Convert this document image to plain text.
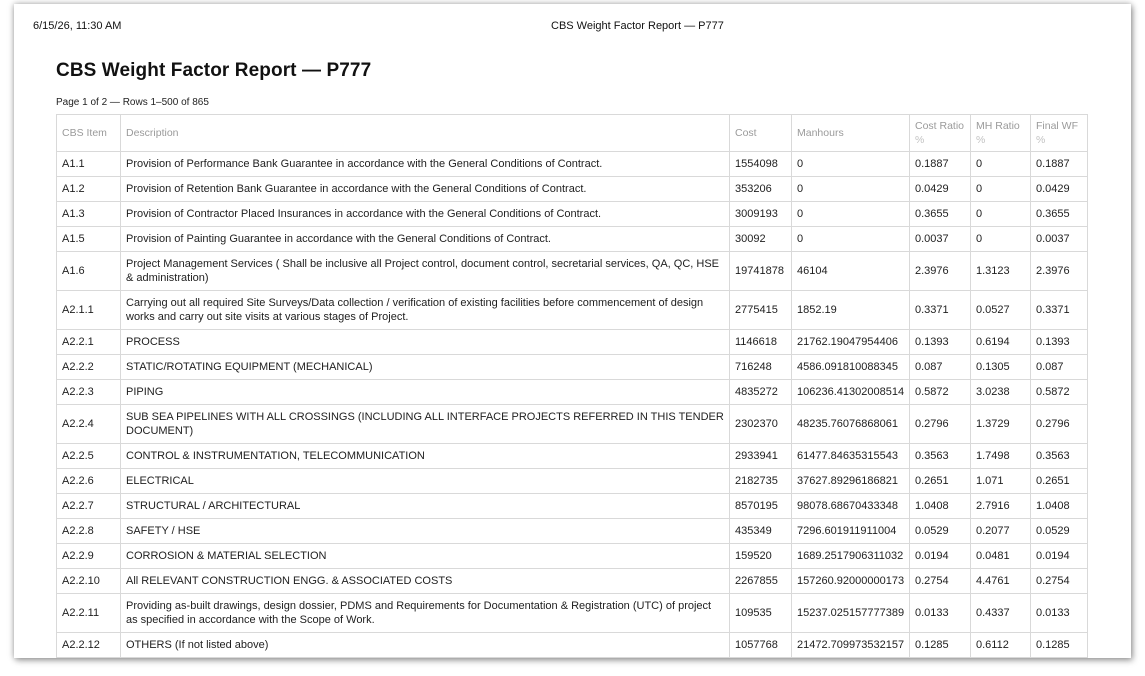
6/15/26, 11:30 AM	CBS Weight Factor Report — P777
CBS Weight Factor Report — P777
Page 1 of 2 — Rows 1–500 of 865
CBS Item	Description	Cost	Manhours	Cost Ratio %	MH Ratio %	Final WF %
A1.1	Provision of Performance Bank Guarantee in accordance with the General Conditions of Contract.	1554098	0	0.1887	0	0.1887
A1.2	Provision of Retention Bank Guarantee in accordance with the General Conditions of Contract.	353206	0	0.0429	0	0.0429
A1.3	Provision of Contractor Placed Insurances in accordance with the General Conditions of Contract.	3009193	0	0.3655	0	0.3655
A1.5	Provision of Painting Guarantee in accordance with the General Conditions of Contract.	30092	0	0.0037	0	0.0037
A1.6	Project Management Services ( Shall be inclusive all Project control, document control, secretarial services, QA, QC, HSE & administration)	19741878	46104	2.3976	1.3123	2.3976
A2.1.1	Carrying out all required Site Surveys/Data collection / verification of existing facilities before commencement of design works and carry out site visits at various stages of Project.	2775415	1852.19	0.3371	0.0527	0.3371
A2.2.1	PROCESS	1146618	21762.19047954406	0.1393	0.6194	0.1393
A2.2.2	STATIC/ROTATING EQUIPMENT (MECHANICAL)	716248	4586.091810088345	0.087	0.1305	0.087
A2.2.3	PIPING	4835272	106236.41302008514	0.5872	3.0238	0.5872
A2.2.4	SUB SEA PIPELINES WITH ALL CROSSINGS (INCLUDING ALL INTERFACE PROJECTS REFERRED IN THIS TENDER DOCUMENT)	2302370	48235.76076868061	0.2796	1.3729	0.2796
A2.2.5	CONTROL & INSTRUMENTATION, TELECOMMUNICATION	2933941	61477.84635315543	0.3563	1.7498	0.3563
A2.2.6	ELECTRICAL	2182735	37627.89296186821	0.2651	1.071	0.2651
A2.2.7	STRUCTURAL / ARCHITECTURAL	8570195	98078.68670433348	1.0408	2.7916	1.0408
A2.2.8	SAFETY / HSE	435349	7296.601911911004	0.0529	0.2077	0.0529
A2.2.9	CORROSION & MATERIAL SELECTION	159520	1689.2517906311032	0.0194	0.0481	0.0194
A2.2.10	All RELEVANT CONSTRUCTION ENGG. & ASSOCIATED COSTS	2267855	157260.92000000173	0.2754	4.4761	0.2754
A2.2.11	Providing as-built drawings, design dossier, PDMS and Requirements for Documentation & Registration (UTC) of project as specified in accordance with the Scope of Work.	109535	15237.025157777389	0.0133	0.4337	0.0133
A2.2.12	OTHERS (If not listed above)	1057768	21472.709973532157	0.1285	0.6112	0.1285
